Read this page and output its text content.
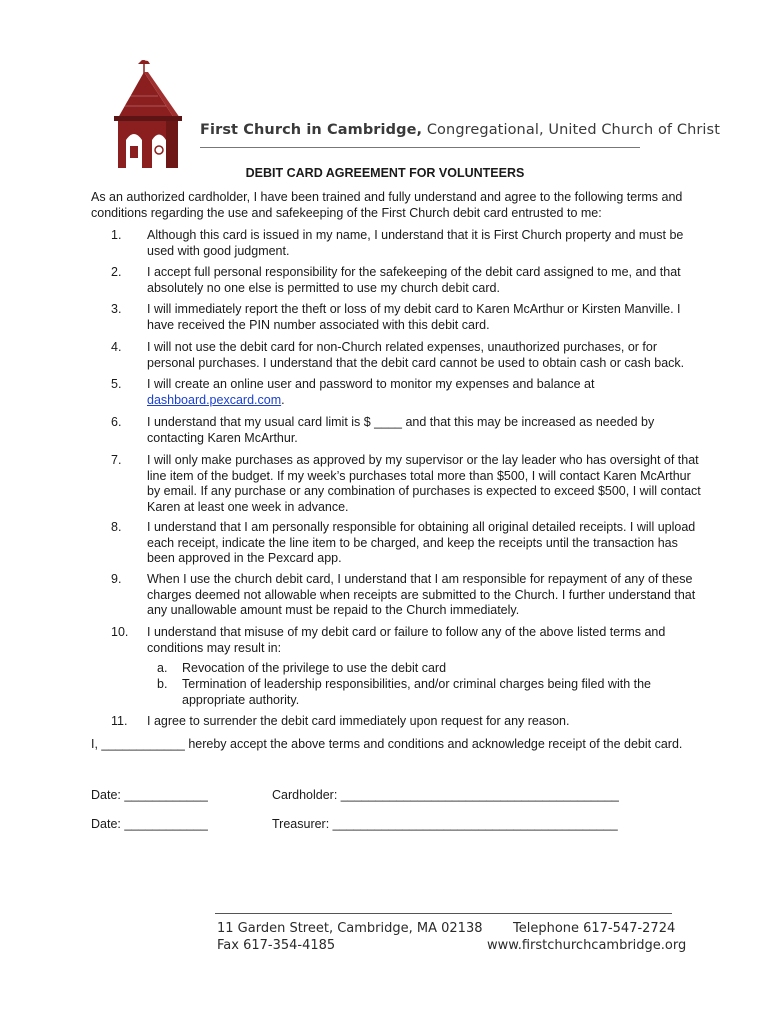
First Church in Cambridge, Congregational, United Church of Christ
DEBIT CARD AGREEMENT FOR VOLUNTEERS
As an authorized cardholder, I have been trained and fully understand and agree to the following terms and conditions regarding the use and safekeeping of the First Church debit card entrusted to me:
1.	Although this card is issued in my name, I understand that it is First Church property and must be used with good judgment.
2.	I accept full personal responsibility for the safekeeping of the debit card assigned to me, and that absolutely no one else is permitted to use my church debit card.
3.	I will immediately report the theft or loss of my debit card to Karen McArthur or Kirsten Manville. I have received the PIN number associated with this debit card.
4.	I will not use the debit card for non-Church related expenses, unauthorized purchases, or for personal purchases. I understand that the debit card cannot be used to obtain cash or cash back.
5.	I will create an online user and password to monitor my expenses and balance at dashboard.pexcard.com.
6.	I understand that my usual card limit is $ ____ and that this may be increased as needed by contacting Karen McArthur.
7.	I will only make purchases as approved by my supervisor or the lay leader who has oversight of that line item of the budget. If my week’s purchases total more than $500, I will contact Karen McArthur by email. If any purchase or any combination of purchases is expected to exceed $500, I will contact Karen at least one week in advance.
8.	I understand that I am personally responsible for obtaining all original detailed receipts. I will upload each receipt, indicate the line item to be charged, and keep the receipts until the transaction has been approved in the Pexcard app.
9.	When I use the church debit card, I understand that I am responsible for repayment of any of these charges deemed not allowable when receipts are submitted to the Church. I further understand that any unallowable amount must be repaid to the Church immediately.
10.	I understand that misuse of my debit card or failure to follow any of the above listed terms and conditions may result in:
a.	Revocation of the privilege to use the debit card
b.	Termination of leadership responsibilities, and/or criminal charges being filed with the appropriate authority.
11.	I agree to surrender the debit card immediately upon request for any reason.
I, ____________ hereby accept the above terms and conditions and acknowledge receipt of the debit card.
Date: ____________	Cardholder: ________________________________________
Date: ____________	Treasurer: _________________________________________
11 Garden Street, Cambridge, MA 02138
Fax 617-354-4185
Telephone 617-547-2724
www.firstchurchcambridge.org
